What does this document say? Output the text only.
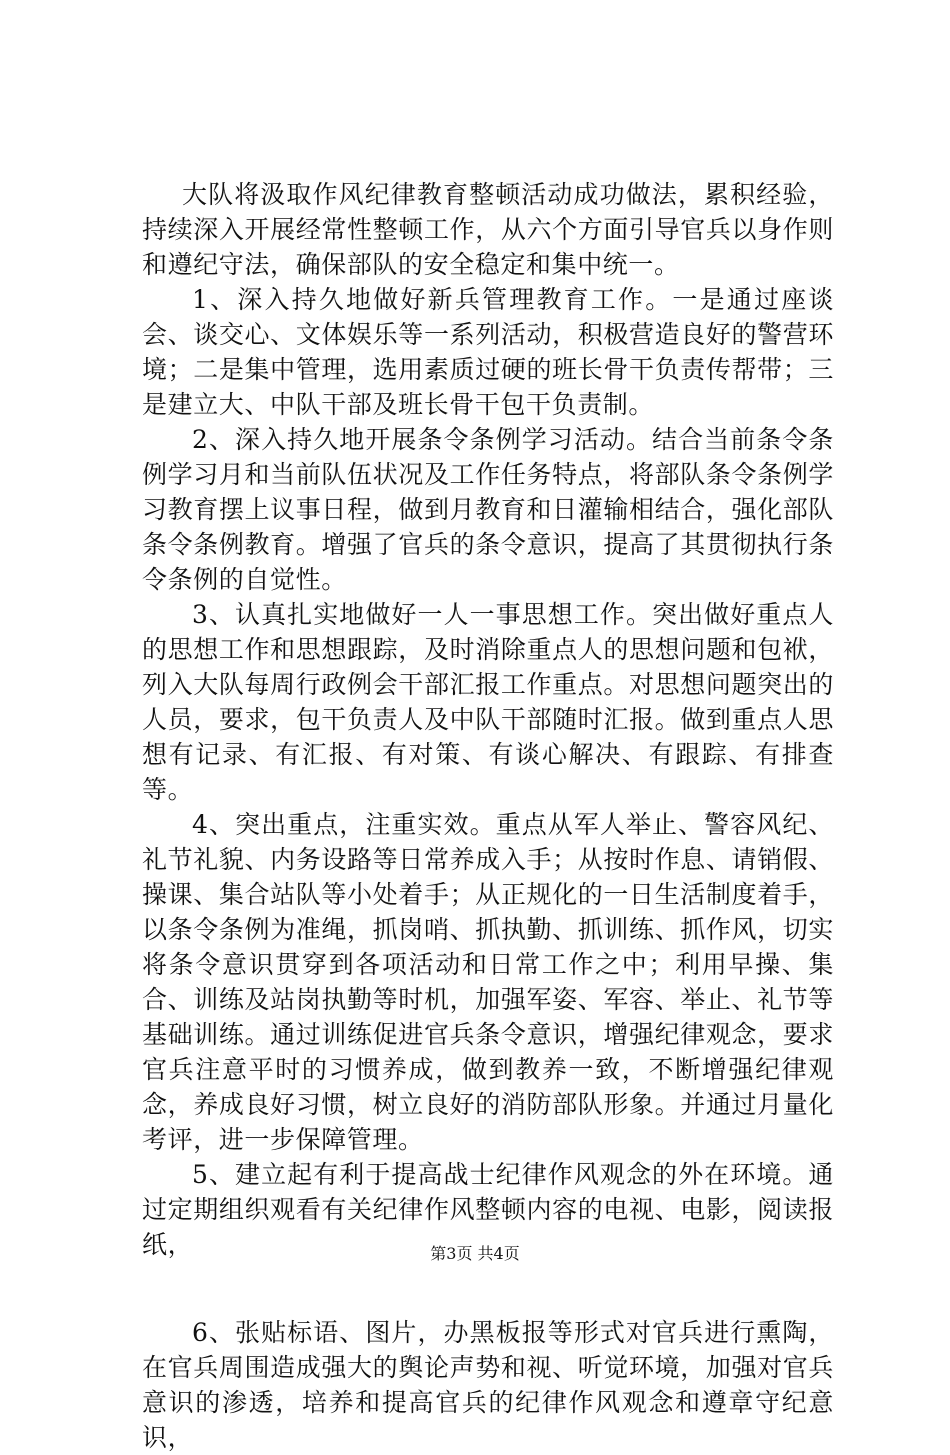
大队将汲取作风纪律教育整顿活动成功做法，累积经验，持续深入开展经常性整顿工作，从六个方面引导官兵以身作则和遵纪守法，确保部队的安全稳定和集中统一。

1、深入持久地做好新兵管理教育工作。一是通过座谈会、谈交心、文体娱乐等一系列活动，积极营造良好的警营环境；二是集中管理，选用素质过硬的班长骨干负责传帮带；三是建立大、中队干部及班长骨干包干负责制。

2、深入持久地开展条令条例学习活动。结合当前条令条例学习月和当前队伍状况及工作任务特点，将部队条令条例学习教育摆上议事日程，做到月教育和日灌输相结合，强化部队条令条例教育。增强了官兵的条令意识，提高了其贯彻执行条令条例的自觉性。

3、认真扎实地做好一人一事思想工作。突出做好重点人的思想工作和思想跟踪，及时消除重点人的思想问题和包袱，列入大队每周行政例会干部汇报工作重点。对思想问题突出的人员，要求，包干负责人及中队干部随时汇报。做到重点人思想有记录、有汇报、有对策、有谈心解决、有跟踪、有排查等。

4、突出重点，注重实效。重点从军人举止、警容风纪、礼节礼貌、内务设路等日常养成入手；从按时作息、请销假、操课、集合站队等小处着手；从正规化的一日生活制度着手，以条令条例为准绳，抓岗哨、抓执勤、抓训练、抓作风，切实将条令意识贯穿到各项活动和日常工作之中；利用早操、集合、训练及站岗执勤等时机，加强军姿、军容、举止、礼节等基础训练。通过训练促进官兵条令意识，增强纪律观念，要求官兵注意平时的习惯养成，做到教养一致，不断增强纪律观念，养成良好习惯，树立良好的消防部队形象。并通过月量化考评，进一步保障管理。

5、建立起有利于提高战士纪律作风观念的外在环境。通过定期组织观看有关纪律作风整顿内容的电视、电影，阅读报纸，

6、张贴标语、图片，办黑板报等形式对官兵进行熏陶，在官兵周围造成强大的舆论声势和视、听觉环境，加强对官兵意识的渗透，培养和提高官兵的纪律作风观念和遵章守纪意识，

第3页 共4页
